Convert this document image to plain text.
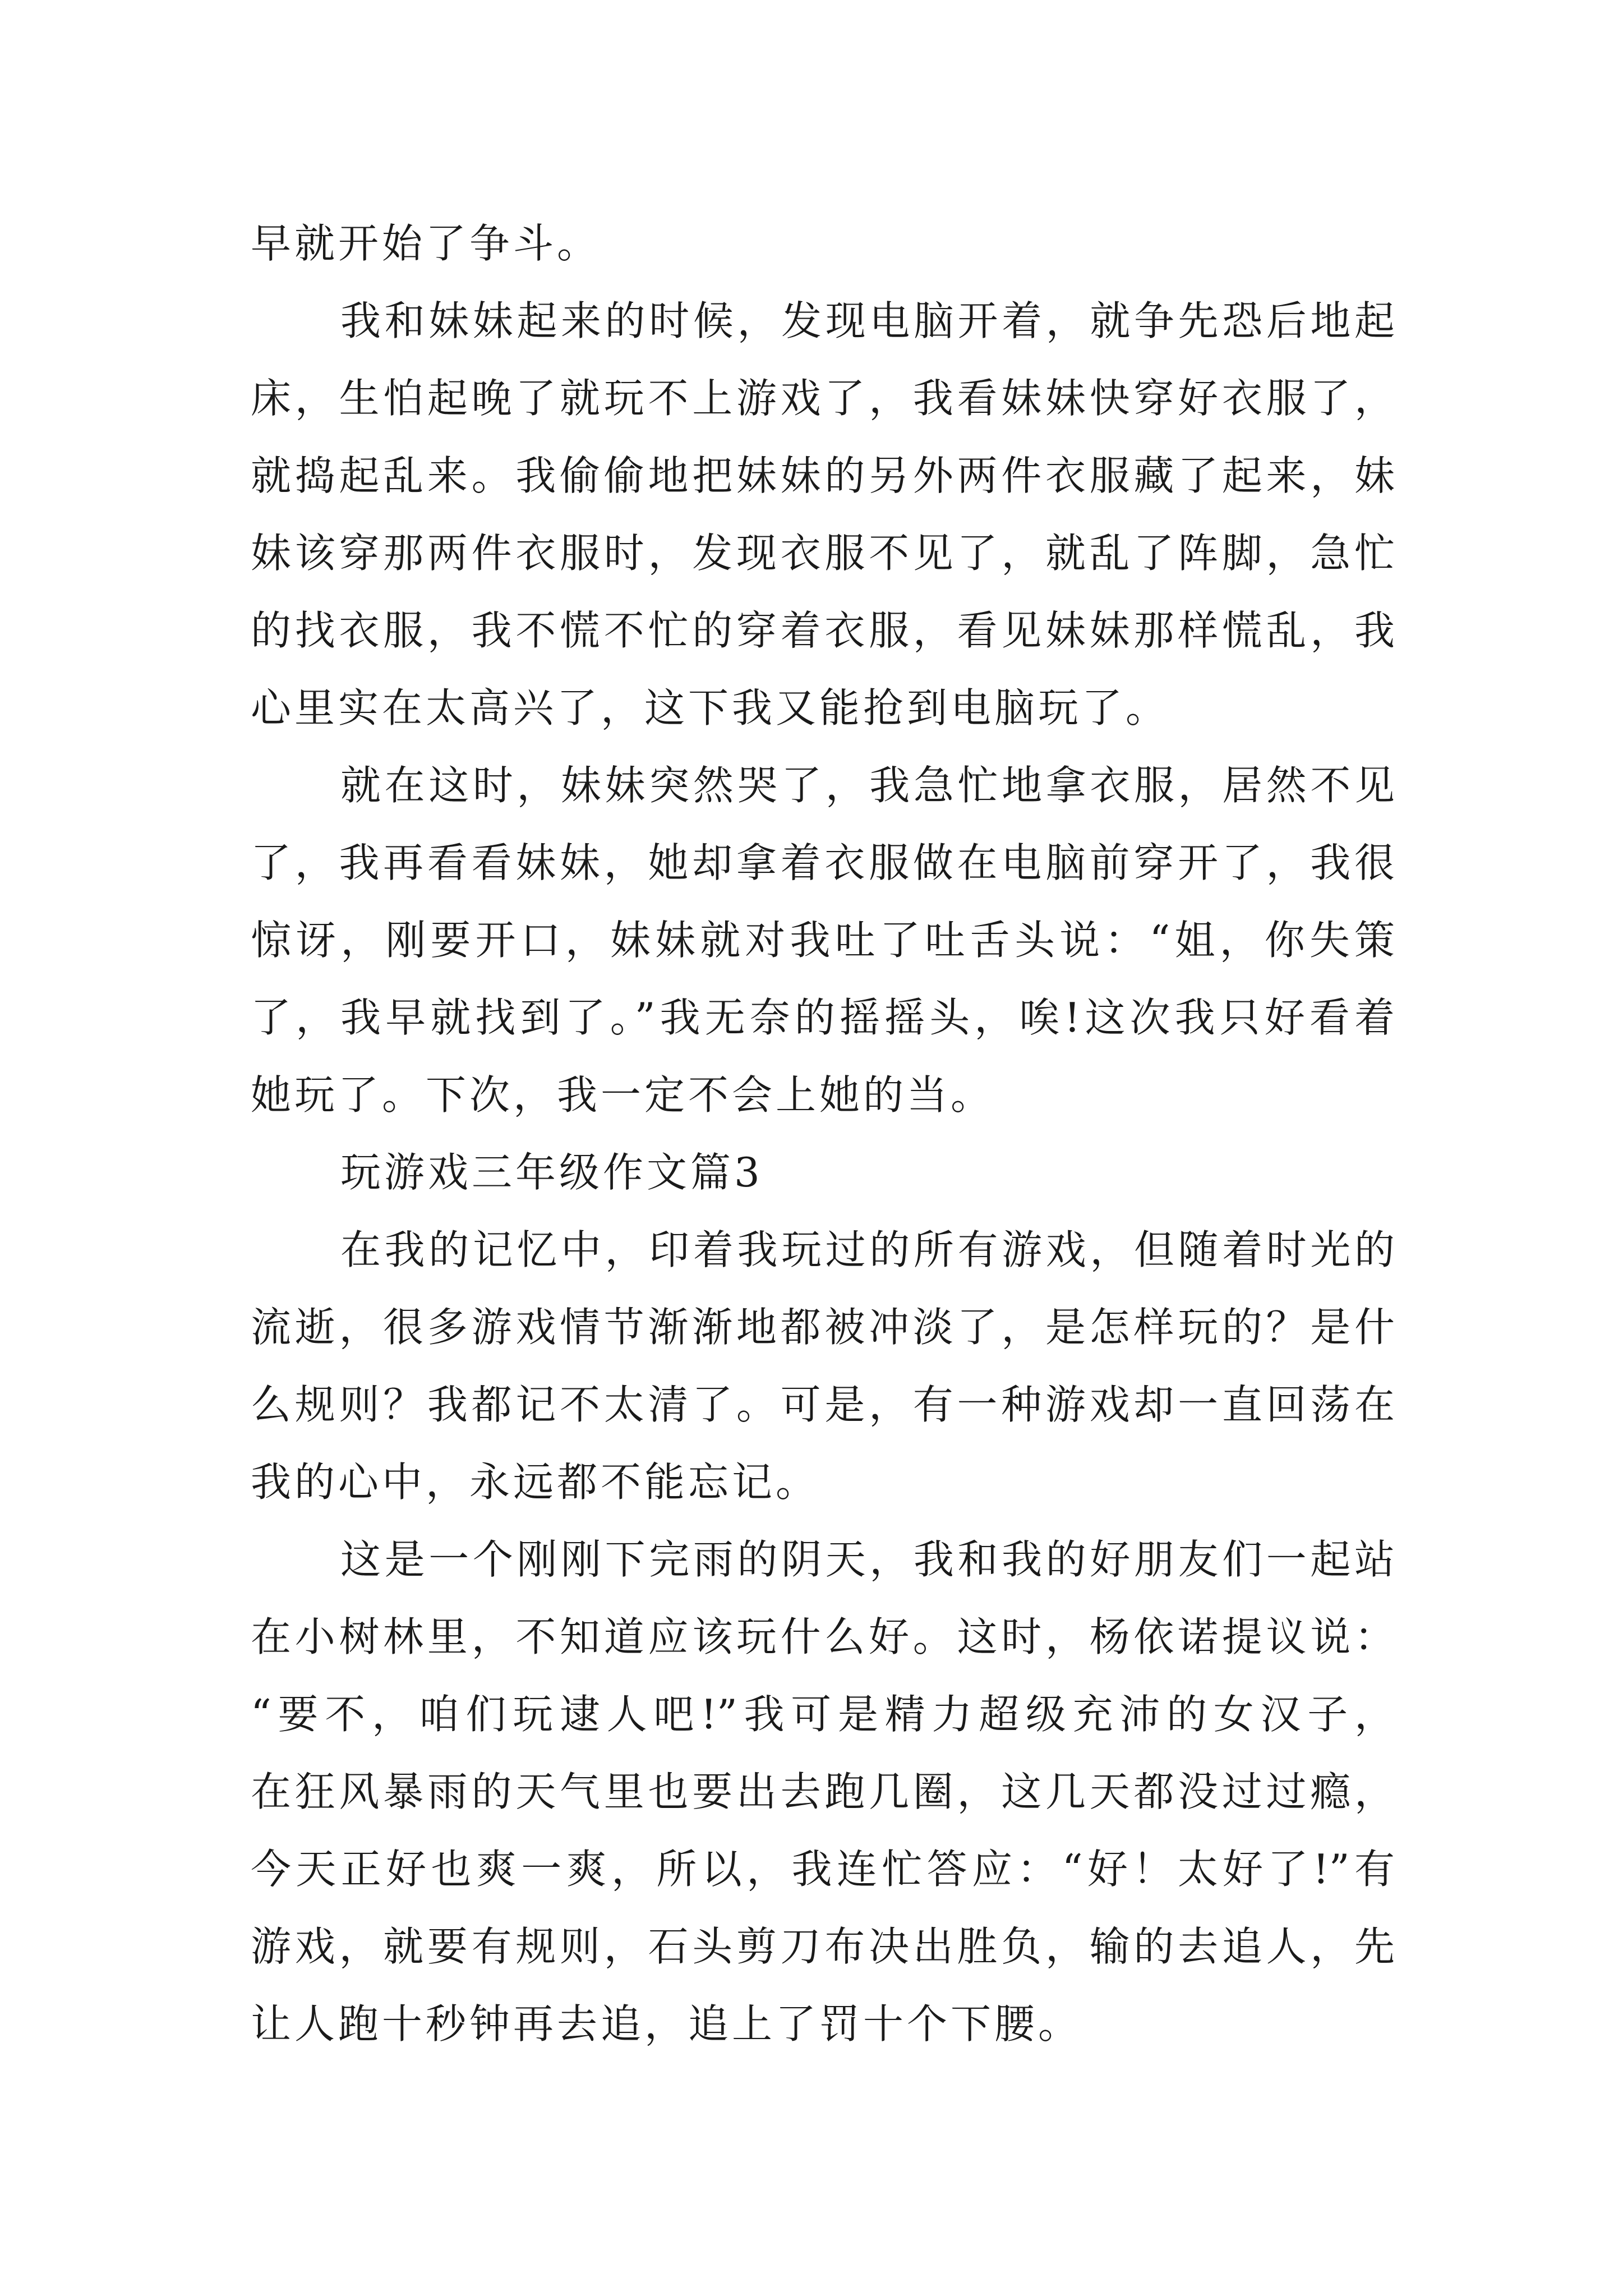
早就开始了争斗。
我和妹妹起来的时候，发现电脑开着，就争先恐后地起
床，生怕起晚了就玩不上游戏了，我看妹妹快穿好衣服了，
就捣起乱来。我偷偷地把妹妹的另外两件衣服藏了起来，妹
妹该穿那两件衣服时，发现衣服不见了，就乱了阵脚，急忙
的找衣服，我不慌不忙的穿着衣服，看见妹妹那样慌乱，我
心里实在太高兴了，这下我又能抢到电脑玩了。
就在这时，妹妹突然哭了，我急忙地拿衣服，居然不见
了，我再看看妹妹，她却拿着衣服做在电脑前穿开了，我很
惊讶，刚要开口，妹妹就对我吐了吐舌头说：“姐，你失策
了，我早就找到了。”我无奈的摇摇头，唉!这次我只好看着
她玩了。下次，我一定不会上她的当。
玩游戏三年级作文篇3
在我的记忆中，印着我玩过的所有游戏，但随着时光的
流逝，很多游戏情节渐渐地都被冲淡了，是怎样玩的？是什
么规则？我都记不太清了。可是，有一种游戏却一直回荡在
我的心中，永远都不能忘记。
这是一个刚刚下完雨的阴天，我和我的好朋友们一起站
在小树林里，不知道应该玩什么好。这时，杨依诺提议说：
“要不，咱们玩逮人吧!”我可是精力超级充沛的女汉子，
在狂风暴雨的天气里也要出去跑几圈，这几天都没过过瘾，
今天正好也爽一爽，所以，我连忙答应：“好！太好了!”有
游戏，就要有规则，石头剪刀布决出胜负，输的去追人，先
让人跑十秒钟再去追，追上了罚十个下腰。
